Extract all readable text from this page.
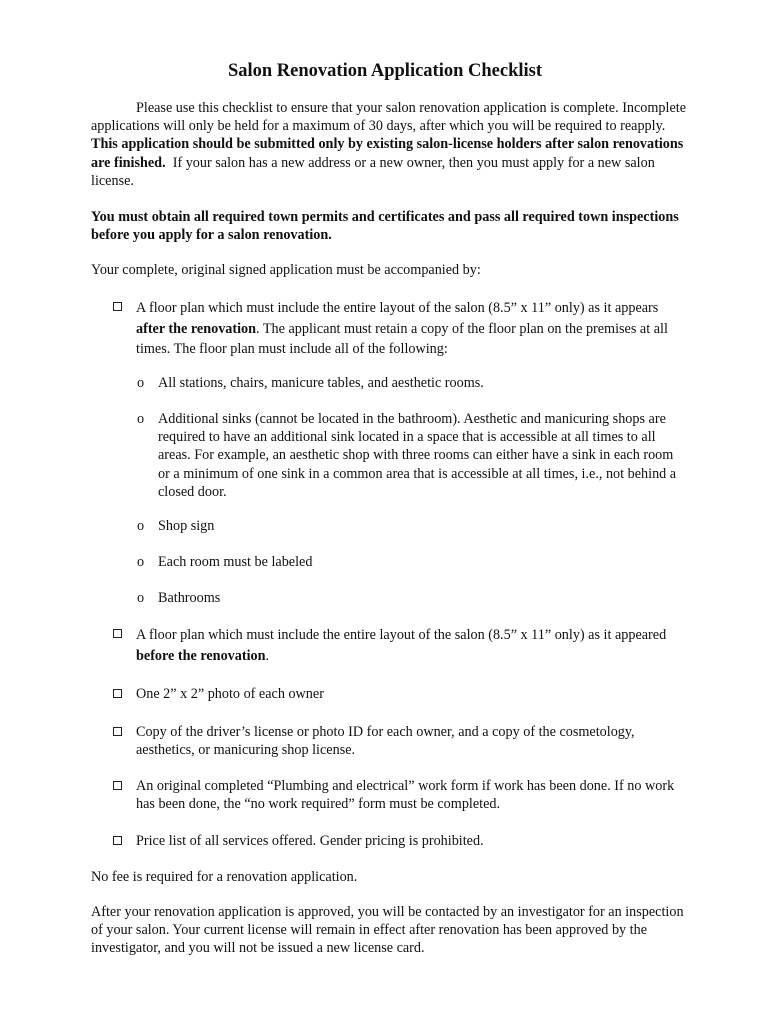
Salon Renovation Application Checklist

Please use this checklist to ensure that your salon renovation application is complete. Incomplete applications will only be held for a maximum of 30 days, after which you will be required to reapply.  This application should be submitted only by existing salon-license holders after salon renovations are finished. If your salon has a new address or a new owner, then you must apply for a new salon license.

You must obtain all required town permits and certificates and pass all required town inspections before you apply for a salon renovation.

Your complete, original signed application must be accompanied by:

A floor plan which must include the entire layout of the salon (8.5” x 11” only) as it appears after the renovation. The applicant must retain a copy of the floor plan on the premises at all times. The floor plan must include all of the following:
o All stations, chairs, manicure tables, and aesthetic rooms.
o Additional sinks (cannot be located in the bathroom). Aesthetic and manicuring shops are required to have an additional sink located in a space that is accessible at all times to all areas. For example, an aesthetic shop with three rooms can either have a sink in each room or a minimum of one sink in a common area that is accessible at all times, i.e., not behind a closed door.
o Shop sign
o Each room must be labeled
o Bathrooms
A floor plan which must include the entire layout of the salon (8.5” x 11” only) as it appeared before the renovation.
One 2” x 2” photo of each owner
Copy of the driver’s license or photo ID for each owner, and a copy of the cosmetology, aesthetics, or manicuring shop license.
An original completed “Plumbing and electrical” work form if work has been done. If no work has been done, the “no work required” form must be completed.
Price list of all services offered. Gender pricing is prohibited.

No fee is required for a renovation application.

After your renovation application is approved, you will be contacted by an investigator for an inspection of your salon. Your current license will remain in effect after renovation has been approved by the investigator, and you will not be issued a new license card.
